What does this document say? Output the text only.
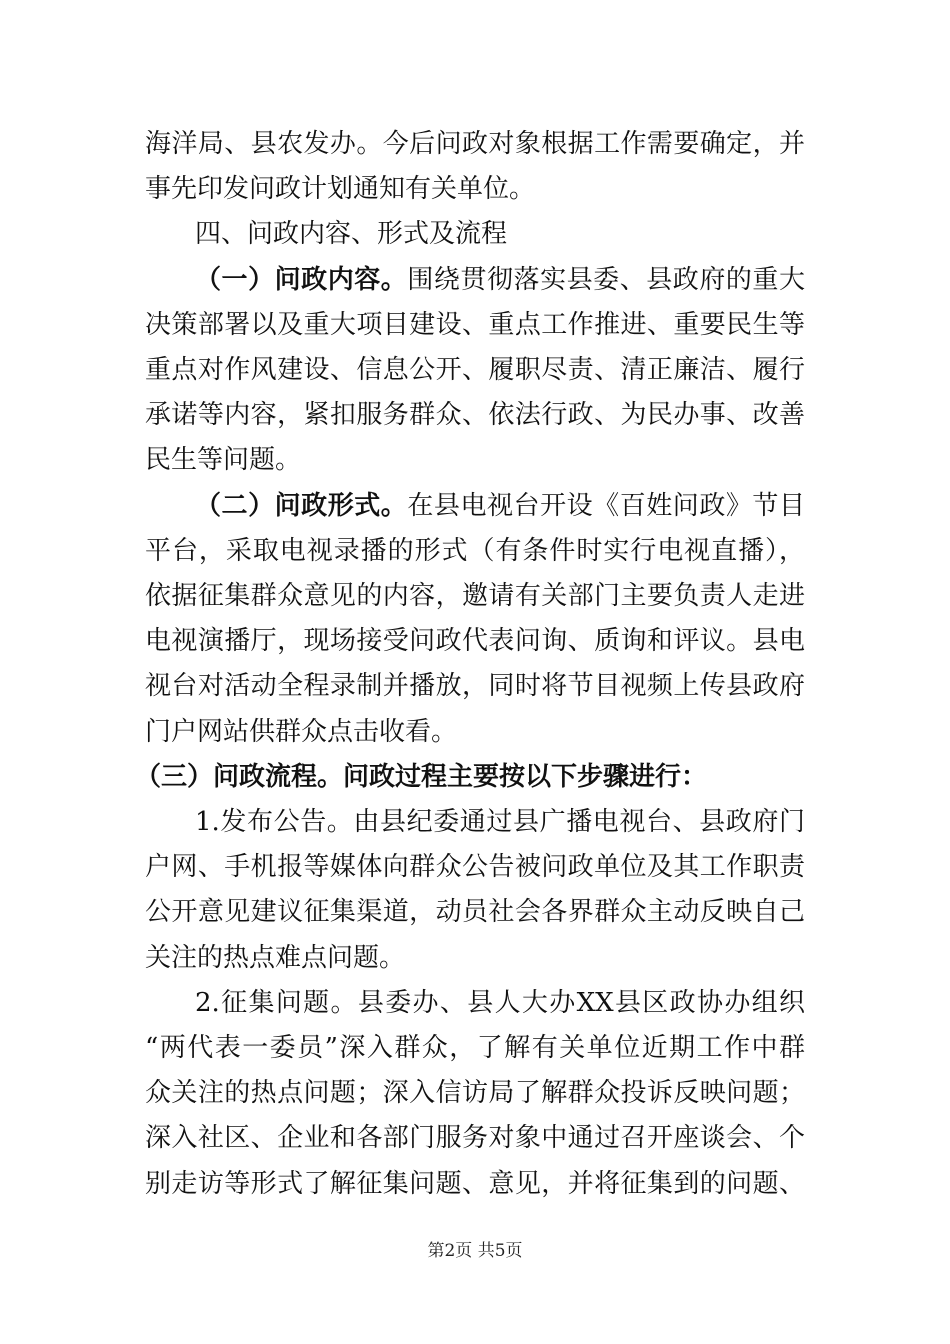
海洋局、县农发办。今后问政对象根据工作需要确定，并
事先印发问政计划通知有关单位。
四、问政内容、形式及流程
（一）问政内容。围绕贯彻落实县委、县政府的重大
决策部署以及重大项目建设、重点工作推进、重要民生等
重点对作风建设、信息公开、履职尽责、清正廉洁、履行
承诺等内容，紧扣服务群众、依法行政、为民办事、改善
民生等问题。
（二）问政形式。在县电视台开设《百姓问政》节目
平台，采取电视录播的形式（有条件时实行电视直播），
依据征集群众意见的内容，邀请有关部门主要负责人走进
电视演播厅，现场接受问政代表问询、质询和评议。县电
视台对活动全程录制并播放，同时将节目视频上传县政府
门户网站供群众点击收看。
（三）问政流程。问政过程主要按以下步骤进行：
1.发布公告。由县纪委通过县广播电视台、县政府门
户网、手机报等媒体向群众公告被问政单位及其工作职责
公开意见建议征集渠道，动员社会各界群众主动反映自己
关注的热点难点问题。
2.征集问题。县委办、县人大办XX县区政协办组织
“两代表一委员”深入群众，了解有关单位近期工作中群
众关注的热点问题；深入信访局了解群众投诉反映问题；
深入社区、企业和各部门服务对象中通过召开座谈会、个
别走访等形式了解征集问题、意见，并将征集到的问题、
第2页 共5页
